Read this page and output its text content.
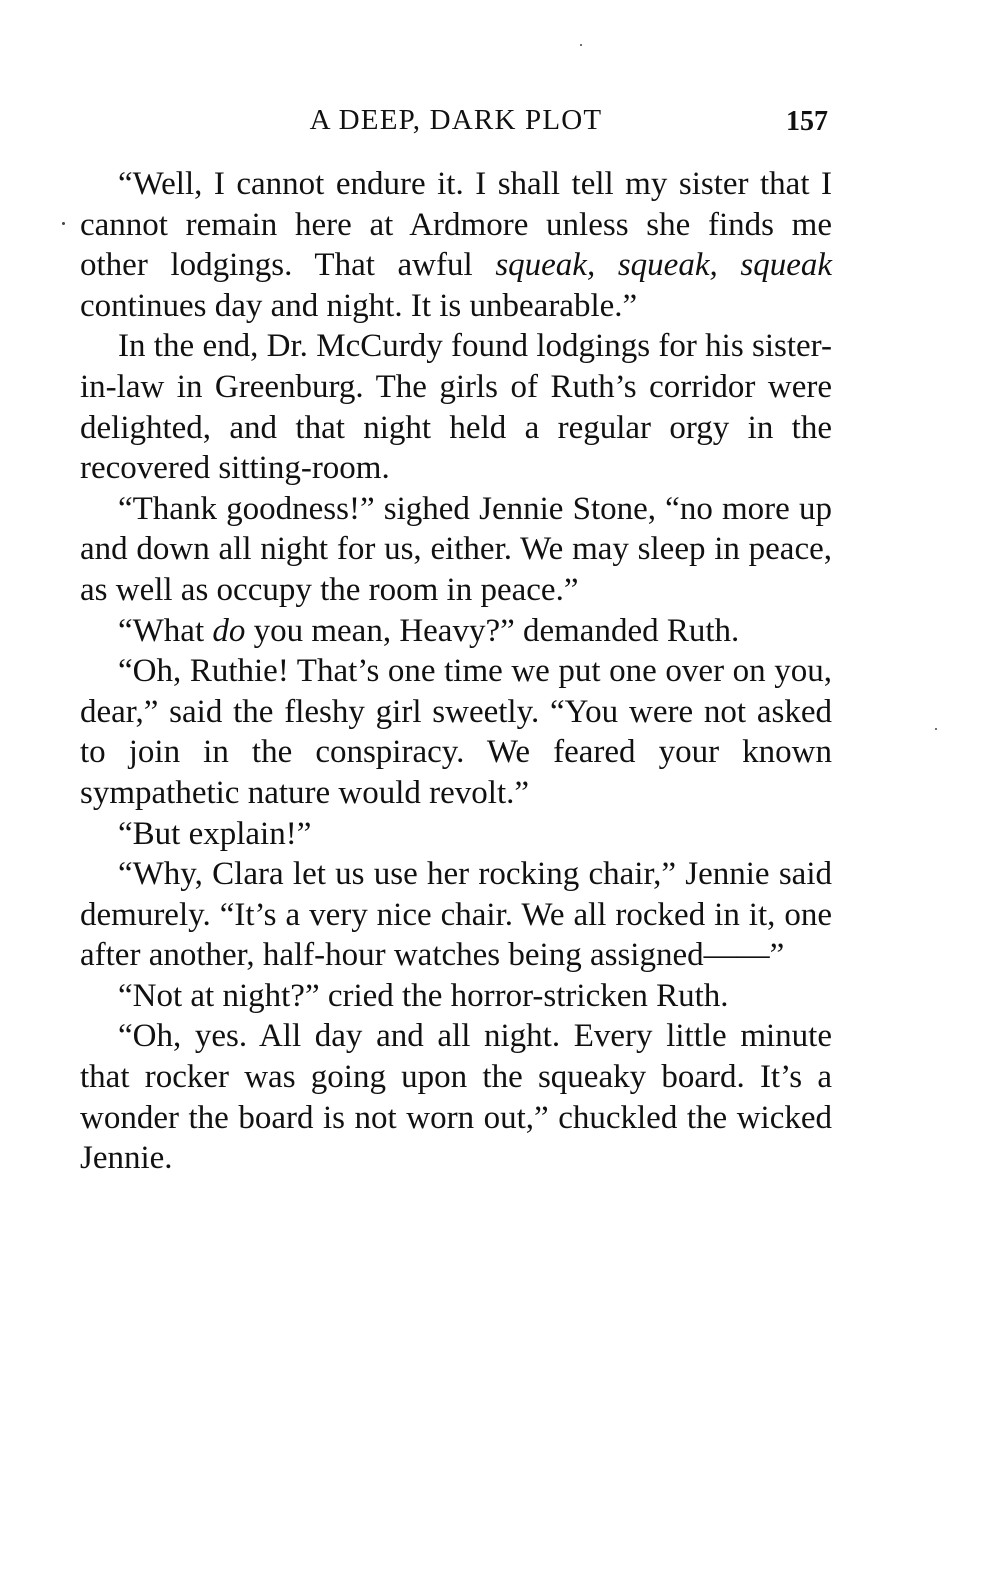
A DEEP, DARK PLOT	157

“Well, I cannot endure it. I shall tell my sister that I cannot remain here at Ardmore unless she finds me other lodgings. That awful squeak, squeak, squeak continues day and night. It is unbearable.”

In the end, Dr. McCurdy found lodgings for his sister-in-law in Greenburg. The girls of Ruth’s corridor were delighted, and that night held a regular orgy in the recovered sitting-room.

“Thank goodness!” sighed Jennie Stone, “no more up and down all night for us, either. We may sleep in peace, as well as occupy the room in peace.”

“What do you mean, Heavy?” demanded Ruth.

“Oh, Ruthie! That’s one time we put one over on you, dear,” said the fleshy girl sweetly. “You were not asked to join in the conspiracy. We feared your known sympathetic nature would revolt.”

“But explain!”

“Why, Clara let us use her rocking chair,” Jennie said demurely. “It’s a very nice chair. We all rocked in it, one after another, half-hour watches being assigned——”

“Not at night?” cried the horror-stricken Ruth.

“Oh, yes. All day and all night. Every little minute that rocker was going upon the squeaky board. It’s a wonder the board is not worn out,” chuckled the wicked Jennie.
